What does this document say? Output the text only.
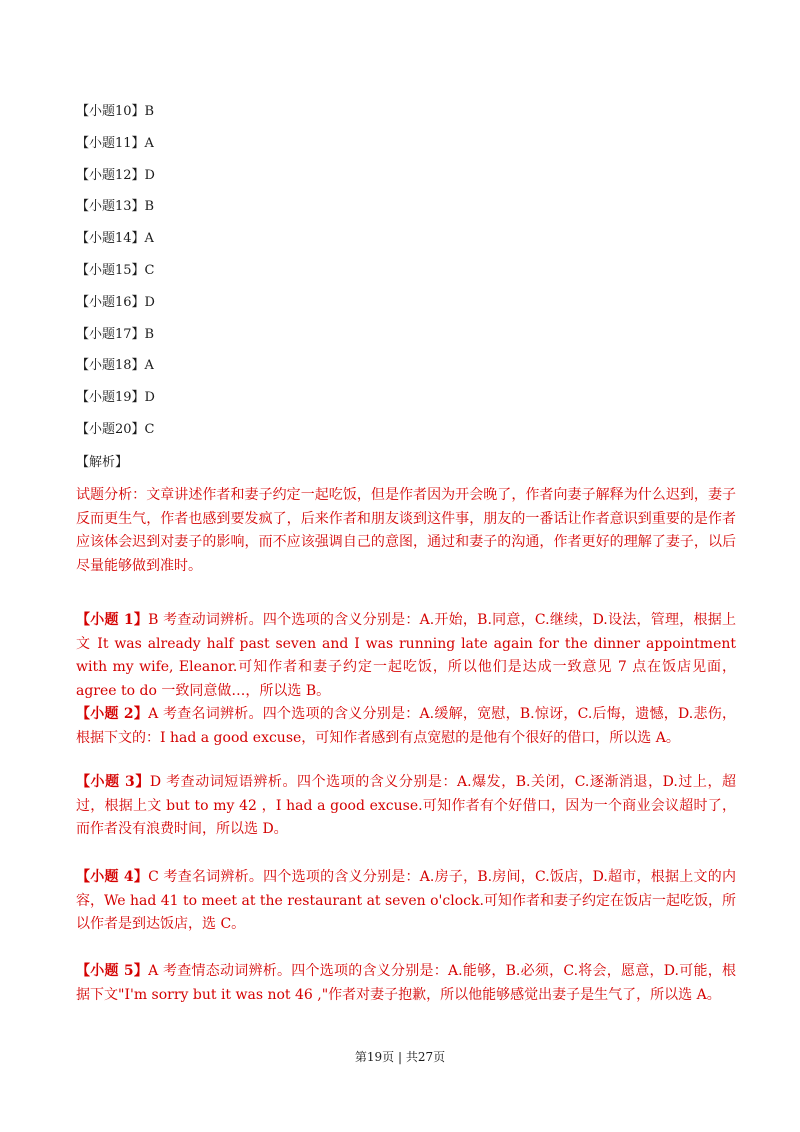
【小题10】B
【小题11】A
【小题12】D
【小题13】B
【小题14】A
【小题15】C
【小题16】D
【小题17】B
【小题18】A
【小题19】D
【小题20】C
【解析】
试题分析：文章讲述作者和妻子约定一起吃饭，但是作者因为开会晚了，作者向妻子解释为什么迟到，妻子反而更生气，作者也感到要发疯了，后来作者和朋友谈到这件事，朋友的一番话让作者意识到重要的是作者应该体会迟到对妻子的影响，而不应该强调自己的意图，通过和妻子的沟通，作者更好的理解了妻子，以后尽量能够做到准时。
【小题 1】B 考查动词辨析。四个选项的含义分别是：A.开始，B.同意，C.继续，D.设法，管理，根据上文 It was already half past seven and I was running late again for the dinner appointment with my wife, Eleanor.可知作者和妻子约定一起吃饭，所以他们是达成一致意见 7 点在饭店见面，agree to do 一致同意做…，所以选 B。
【小题 2】A 考查名词辨析。四个选项的含义分别是：A.缓解，宽慰，B.惊讶，C.后悔，遗憾，D.悲伤，根据下文的：I had a good excuse，可知作者感到有点宽慰的是他有个很好的借口，所以选 A。
【小题 3】D 考查动词短语辨析。四个选项的含义分别是：A.爆发，B.关闭，C.逐渐消退，D.过上，超过，根据上文 but to my 42 ，I had a good excuse.可知作者有个好借口，因为一个商业会议超时了，而作者没有浪费时间，所以选 D。
【小题 4】C 考查名词辨析。四个选项的含义分别是：A.房子，B.房间，C.饭店，D.超市，根据上文的内容，We had 41 to meet at the restaurant at seven o'clock.可知作者和妻子约定在饭店一起吃饭，所以作者是到达饭店，选 C。
【小题 5】A 考查情态动词辨析。四个选项的含义分别是：A.能够，B.必须，C.将会，愿意，D.可能，根据下文"I'm sorry but it was not 46 ,"作者对妻子抱歉，所以他能够感觉出妻子是生气了，所以选 A。
第19页 | 共27页
